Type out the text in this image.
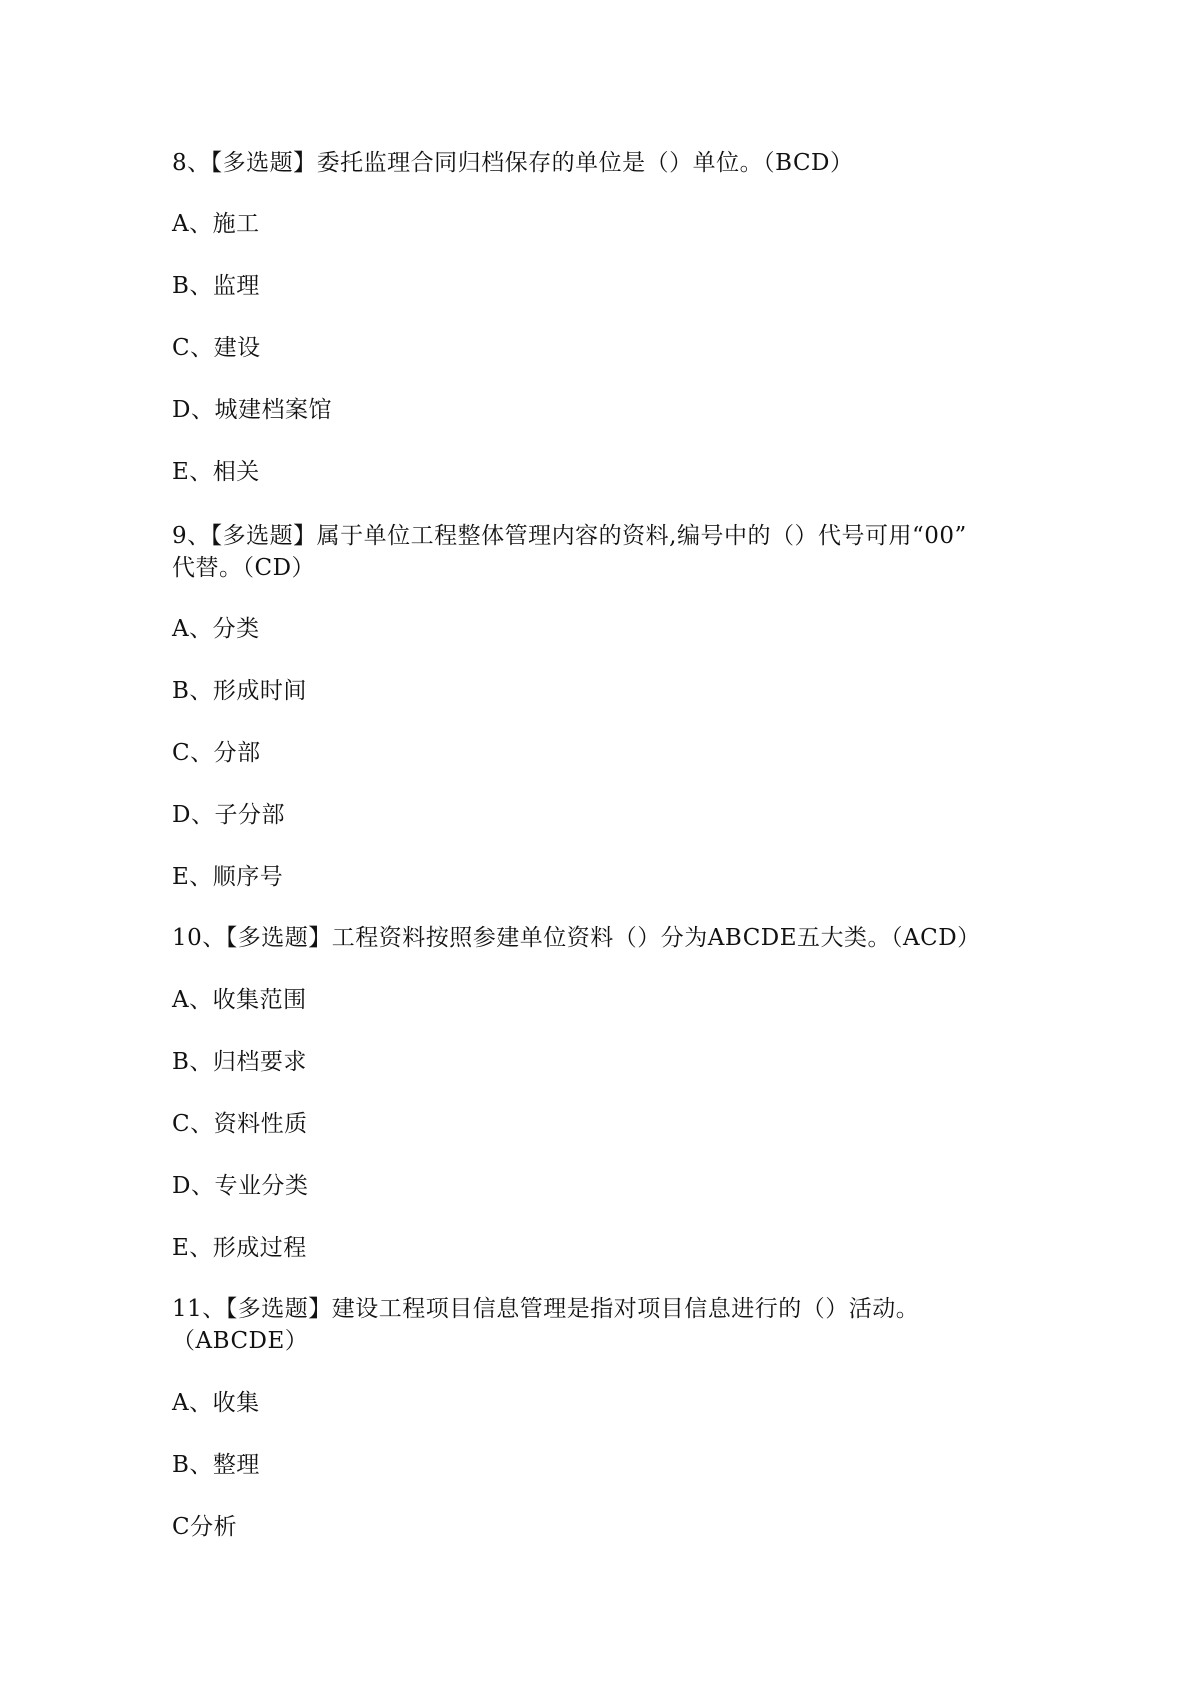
8、【多选题】委托监理合同归档保存的单位是（）单位。（BCD）
A、施工
B、监理
C、建设
D、城建档案馆
E、相关
9、【多选题】属于单位工程整体管理内容的资料,编号中的（）代号可用“00”
代替。（CD）
A、分类
B、形成时间
C、分部
D、子分部
E、顺序号
10、【多选题】工程资料按照参建单位资料（）分为ABCDE五大类。（ACD）
A、收集范围
B、归档要求
C、资料性质
D、专业分类
E、形成过程
11、【多选题】建设工程项目信息管理是指对项目信息进行的（）活动。
（ABCDE）
A、收集
B、整理
C分析
